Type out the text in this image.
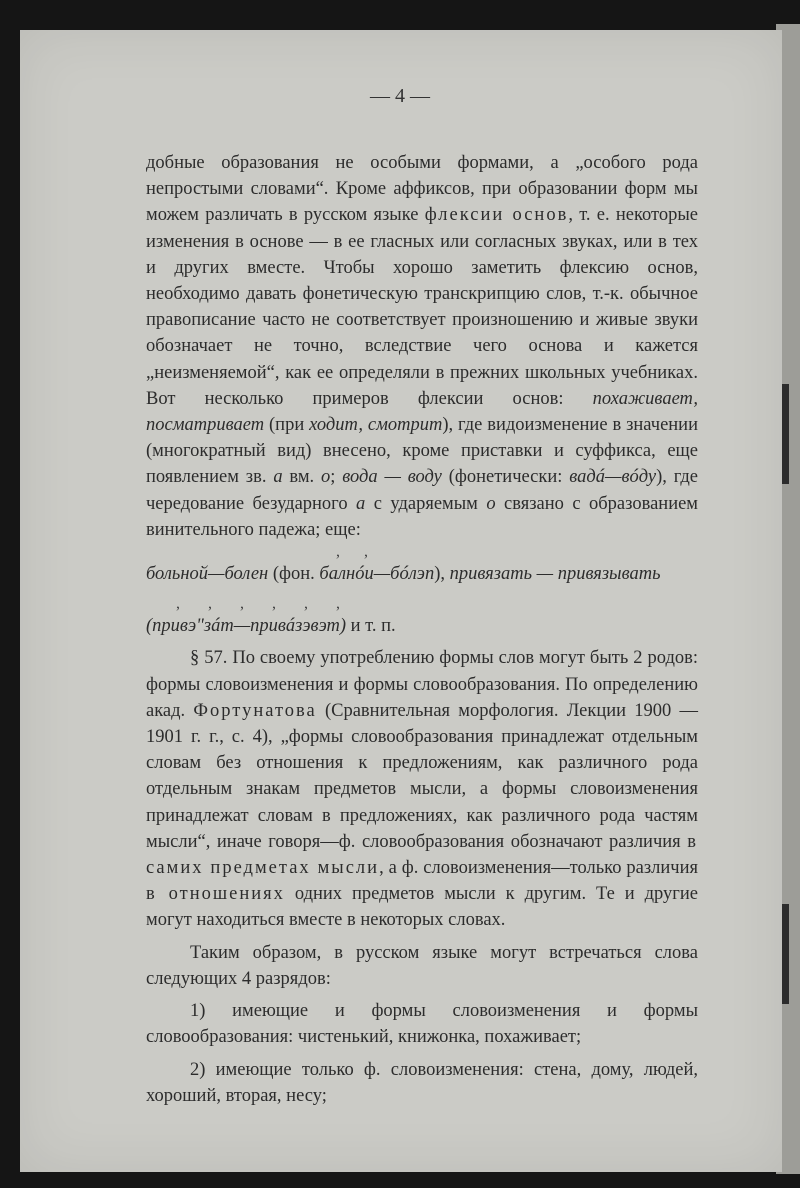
— 4 —

добные образования не особыми формами, а „особого рода непростыми словами“. Кроме аффиксов, при образовании форм мы можем различать в русском языке флексии основ, т. е. некоторые изменения в основе — в ее гласных или согласных звуках, или в тех и других вместе. Чтобы хорошо заметить флексию основ, необходимо давать фонетическую транскрипцию слов, т.-к. обычное правописание часто не соответствует произношению и живые звуки обозначает не точно, вследствие чего основа и кажется „неизменяемой“, как ее определяли в прежних школьных учебниках. Вот несколько примеров флексии основ: похаживает, посматривает (при ходит, смотрит), где видоизменение в значении (многократный вид) внесено, кроме приставки и суффикса, еще появлением зв. а вм. о; вода — воду (фонетически: вадá—вóду), где чередование безударного а с ударяемым о связано с образованием винительного падежа; еще:

, ,

больной—болен (фон. балнóи—бóлэп), привязать — привязывать

, , , , , ,

(привэ"зáт—привáзэвэт) и т. п.

§ 57. По своему употреблению формы слов могут быть 2 родов: формы словоизменения и формы словообразования. По определению акад. Фортунатова (Сравнительная морфология. Лекции 1900 — 1901 г. г., с. 4), „формы словообразования принадлежат отдельным словам без отношения к предложениям, как различного рода отдельным знакам предметов мысли, а формы словоизменения принадлежат словам в предложениях, как различного рода частям мысли“, иначе говоря—ф. словообразования обозначают различия в самих предметах мысли, а ф. словоизменения—только различия в отношениях одних предметов мысли к другим. Те и другие могут находиться вместе в некоторых словах.

Таким образом, в русском языке могут встречаться слова следующих 4 разрядов:

1) имеющие и формы словоизменения и формы словообразования: чистенький, книжонка, похаживает;

2) имеющие только ф. словоизменения: стена, дому, людей, хороший, вторая, несу;
